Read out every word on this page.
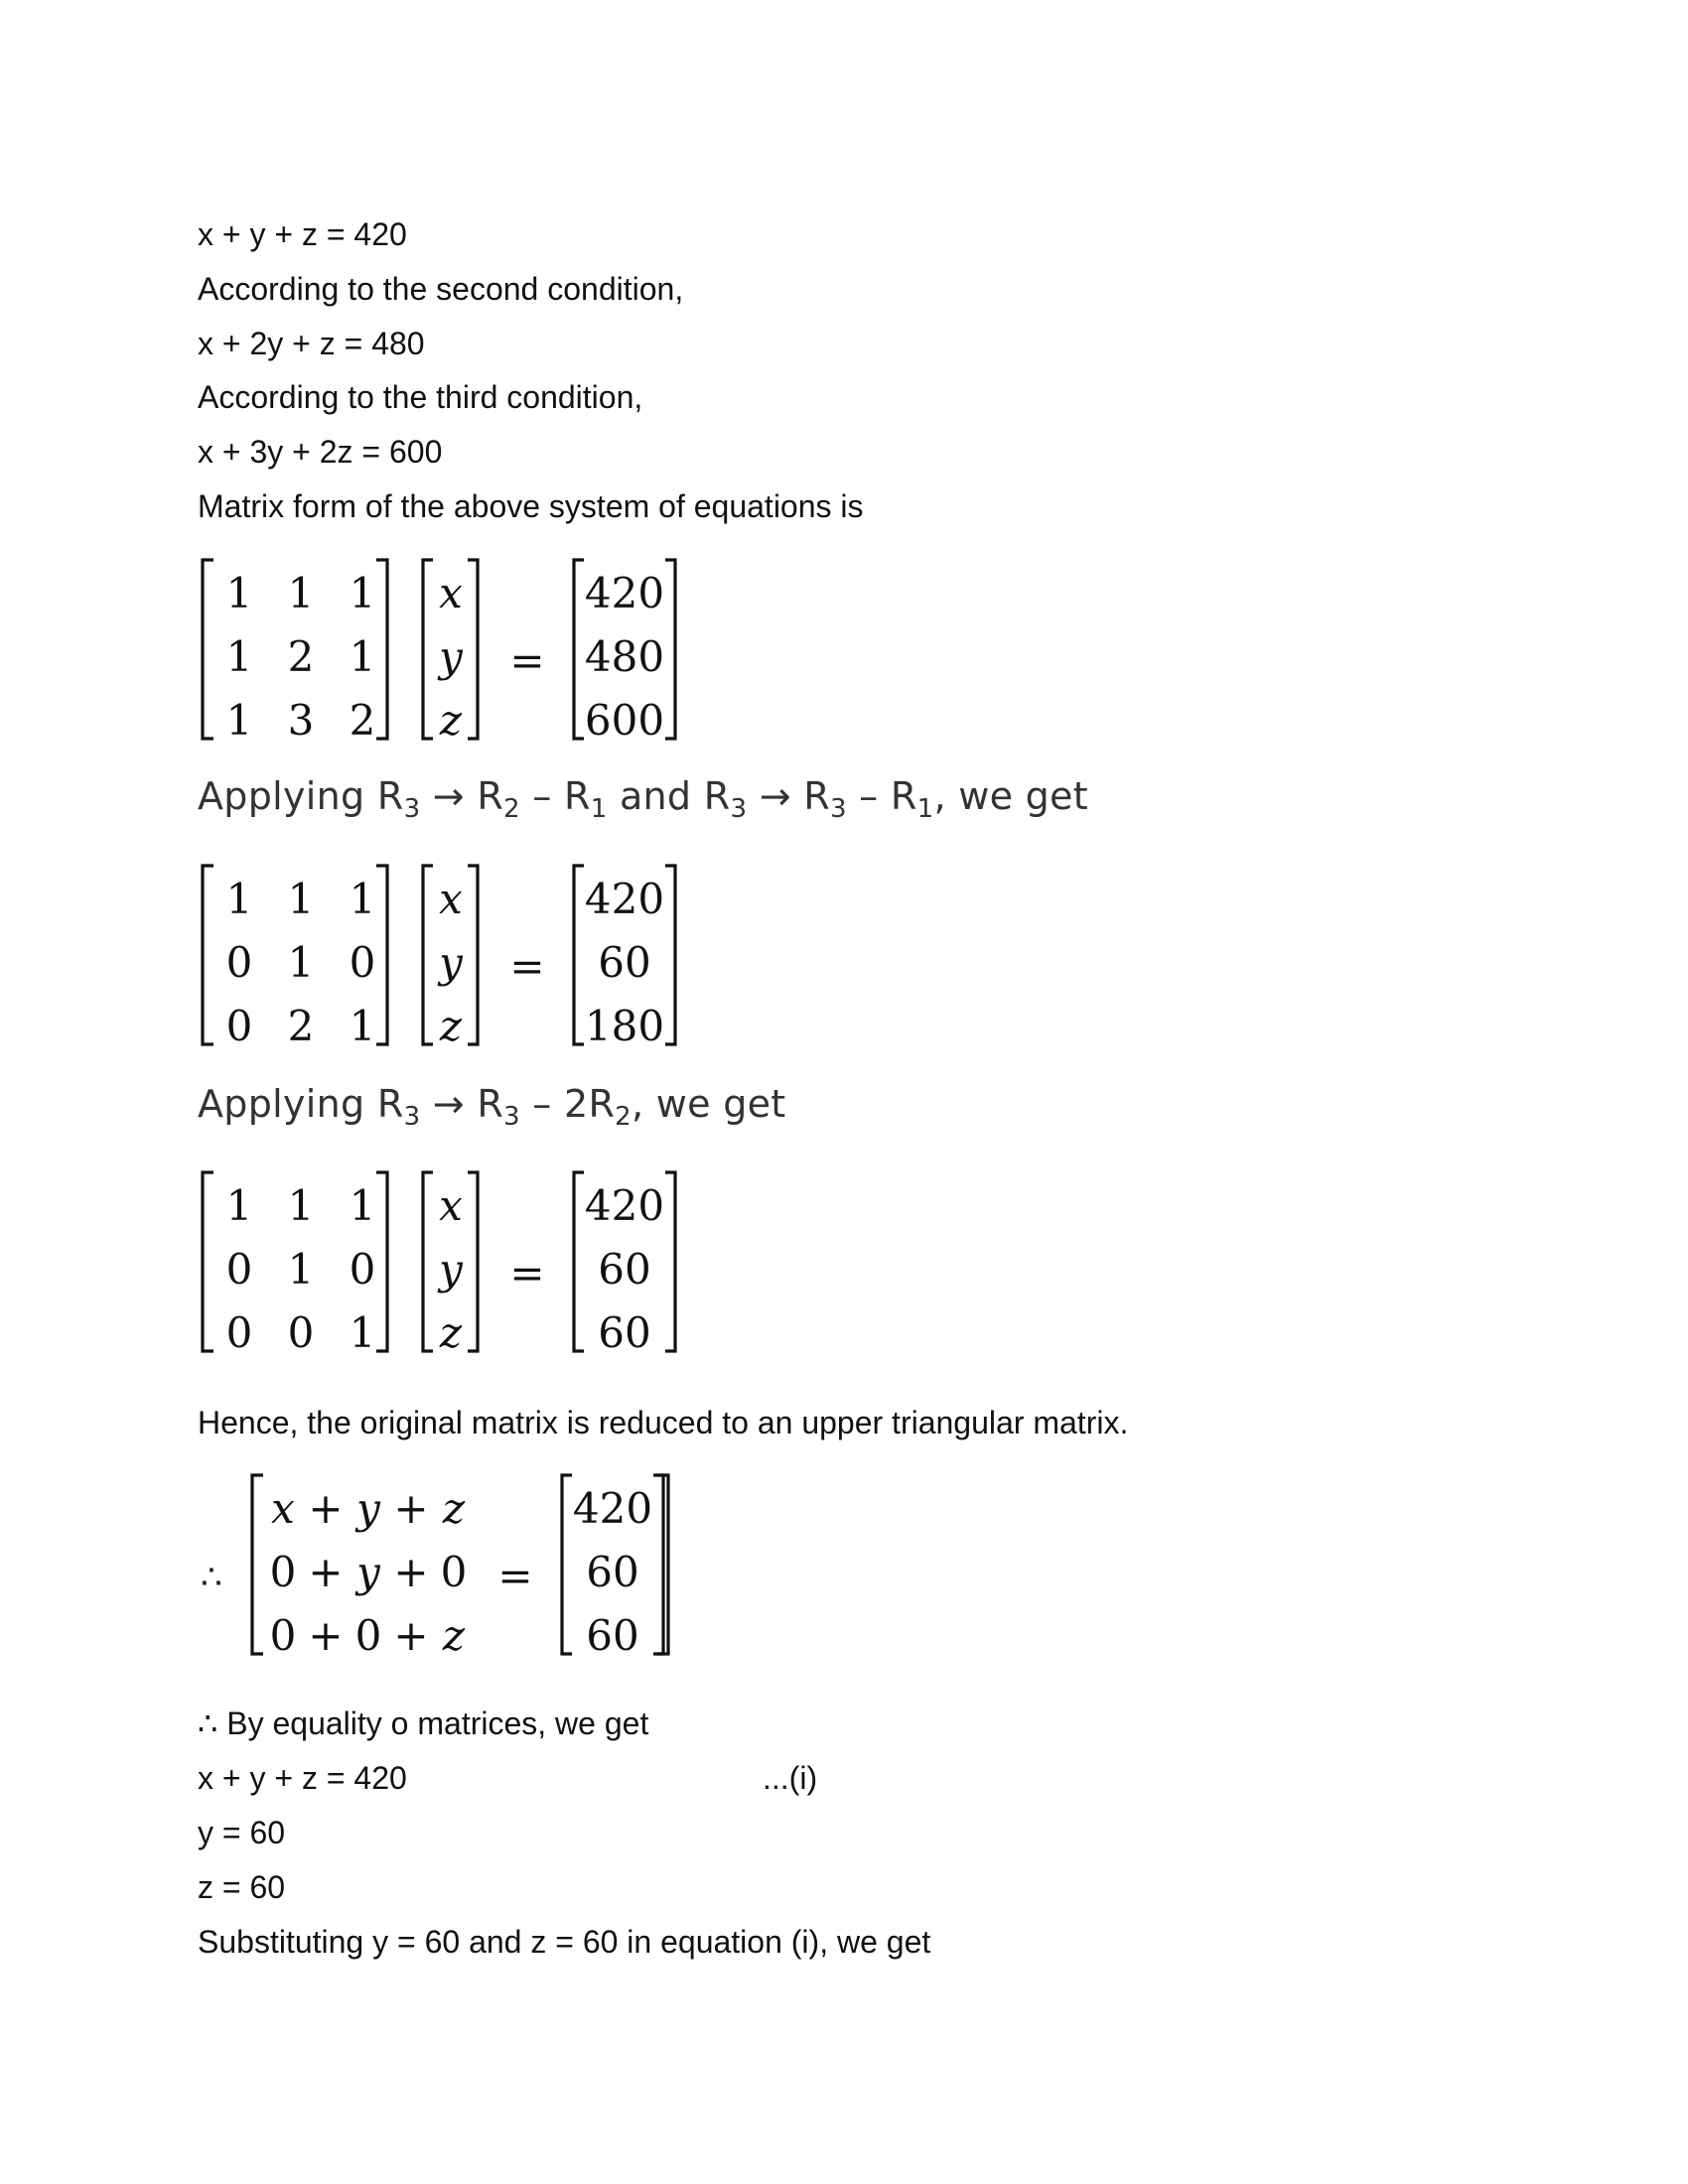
x + y + z = 420
According to the second condition,
x + 2y + z = 480
According to the third condition,
x + 3y + 2z = 600
Matrix form of the above system of equations is
1 1 1
1 2 1
1 3 2
x
y
z
=
420
480
600
Applying $R_3 \to R_2 - R_1$ and $R_3 \to R_3 - R_1$, we get
1 1 1
0 1 0
0 2 1
x
y
z
=
420
60
180
Applying $R_3 \to R_3 - 2R_2$, we get
1 1 1
0 1 0
0 0 1
x
y
z
=
420
60
60
Hence, the original matrix is reduced to an upper triangular matrix.
∴
x + y + z
0 + y + 0
0 + 0 + z
=
420
60
60
∴ By equality o matrices, we get
x + y + z = 420	...(i)
y = 60
z = 60
Substituting y = 60 and z = 60 in equation (i), we get
